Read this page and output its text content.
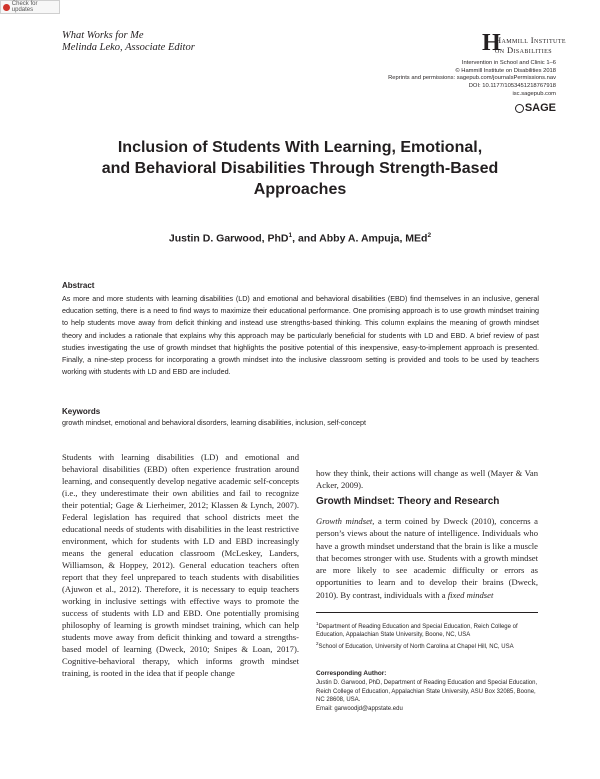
Check for updates
What Works for Me
Melinda Leko, Associate Editor	H
Hammill Institute
on Disabilities
Intervention in School and Clinic 1–6
© Hammill Institute on Disabilities 2018
Reprints and permissions: sagepub.com/journalsPermissions.nav
DOI: 10.1177/1053451218767918
isc.sagepub.com
SAGE
Inclusion of Students With Learning, Emotional,
and Behavioral Disabilities Through Strength-Based
Approaches
Justin D. Garwood, PhD$^1$, and Abby A. Ampuja, MEd$^2$
Abstract
As more and more students with learning disabilities (LD) and emotional and behavioral disabilities (EBD) find themselves in an inclusive, general education setting, there is a need to find ways to maximize their educational performance. One promising approach is to use growth mindset training to help students move away from deficit thinking and instead use strengths-based thinking. This column explains the meaning of growth mindset theory and includes a rationale that explains why this approach may be particularly beneficial for students with LD and EBD. A brief review of past studies investigating the use of growth mindset that highlights the positive potential of this inexpensive, easy-to-implement approach is presented. Finally, a nine-step process for incorporating a growth mindset into the inclusive classroom setting is provided and tools to be used by teachers working with students with LD and EBD are included.
Keywords
growth mindset, emotional and behavioral disorders, learning disabilities, inclusion, self-concept
Students with learning disabilities (LD) and emotional and behavioral disabilities (EBD) often experience frustration around learning, and consequently develop negative academic self-concepts (i.e., they underestimate their own abilities and fail to recognize their potential; Gage & Lierheimer, 2012; Klassen & Lynch, 2007). Federal legislation has required that school districts meet the educational needs of students with disabilities in the least restrictive environment, which for students with LD and EBD increasingly means the general education classroom (McLeskey, Landers, Williamson, & Hoppey, 2012). General education teachers often report that they feel unprepared to teach students with disabilities (Ajuwon et al., 2012). Therefore, it is necessary to equip teachers working in inclusive settings with effective ways to promote the success of students with LD and EBD. One potentially promising philosophy of learning is growth mindset training, which can help students move away from deficit thinking and toward a strengths-based model of learning (Dweck, 2010; Snipes & Loan, 2017). Cognitive-behavioral therapy, which informs growth mindset training, is rooted in the idea that if people change
how they think, their actions will change as well (Mayer & Van Acker, 2009).
Growth Mindset: Theory and Research
Growth mindset, a term coined by Dweck (2010), concerns a person’s views about the nature of intelligence. Individuals who have a growth mindset understand that the brain is like a muscle that becomes stronger with use. Students with a growth mindset are more likely to see academic difficulty or errors as opportunities to learn and to develop their brains (Dweck, 2010). By contrast, individuals with a fixed mindset
$^1$Department of Reading Education and Special Education, Reich College of Education, Appalachian State University, Boone, NC, USA
$^2$School of Education, University of North Carolina at Chapel Hill, NC, USA
Corresponding Author:
Justin D. Garwood, PhD, Department of Reading Education and Special Education, Reich College of Education, Appalachian State University, ASU Box 32085, Boone, NC 28608, USA.
Email: garwoodjd@appstate.edu
